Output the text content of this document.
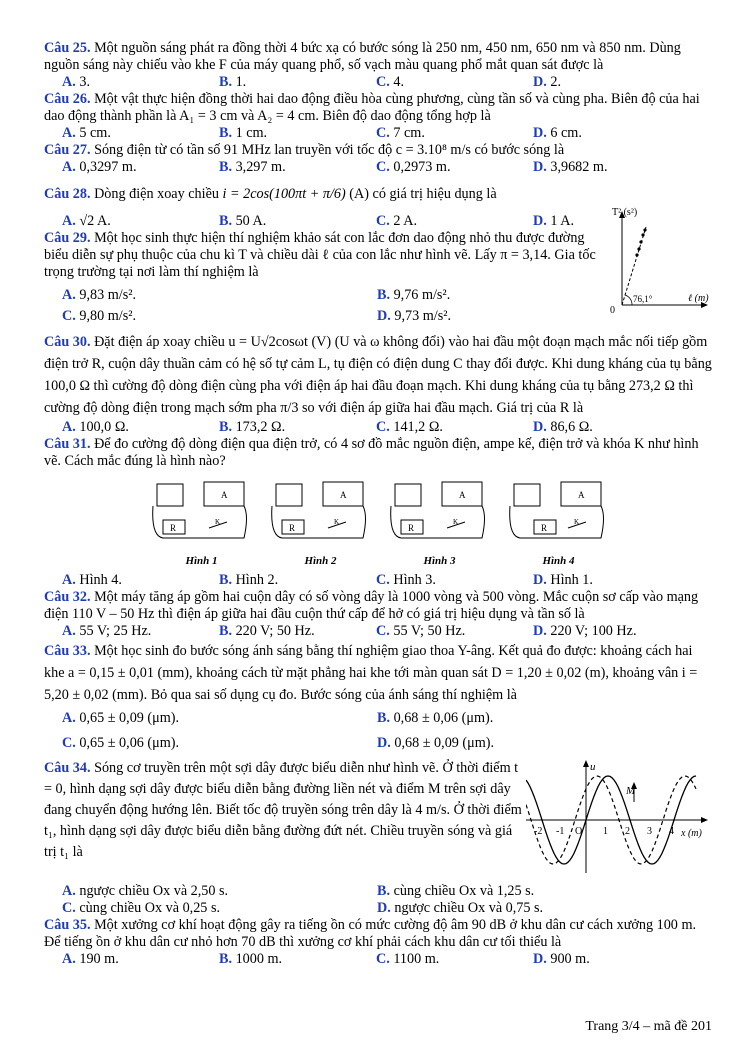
Câu 25. Một nguồn sáng phát ra đồng thời 4 bức xạ có bước sóng là 250 nm, 450 nm, 650 nm và 850 nm. Dùng nguồn sáng này chiếu vào khe F của máy quang phổ, số vạch màu quang phổ mắt quan sát được là

A. 3.	B. 1.	C. 4.	D. 2.

Câu 26. Một vật thực hiện đồng thời hai dao động điều hòa cùng phương, cùng tần số và cùng pha. Biên độ của hai dao động thành phần là A₁ = 3 cm và A₂ = 4 cm. Biên độ dao động tổng hợp là

A. 5 cm.	B. 1 cm.	C. 7 cm.	D. 6 cm.

Câu 27. Sóng điện từ có tần số 91 MHz lan truyền với tốc độ c = 3.10⁸ m/s có bước sóng là

A. 0,3297 m.	B. 3,297 m.	C. 0,2973 m.	D. 3,9682 m.

Câu 28. Dòng điện xoay chiều i = 2cos(100πt + π/6) (A) có giá trị hiệu dụng là

A. √2 A.	B. 50 A.	C. 2 A.	D. 1 A.

Câu 29. Một học sinh thực hiện thí nghiệm khảo sát con lắc đơn dao động nhỏ thu được đường biểu diễn sự phụ thuộc của chu kì T và chiều dài ℓ của con lắc như hình vẽ. Lấy π = 3,14. Gia tốc trọng trường tại nơi làm thí nghiệm là

A. 9,83 m/s².	B. 9,76 m/s².
C. 9,80 m/s².	D. 9,73 m/s².
T² (s²)
0
76,1°	ℓ (m)

Câu 30. Đặt điện áp xoay chiều u = U√2cosωt (V) (U và ω không đổi) vào hai đầu một đoạn mạch mắc nối tiếp gồm điện trở R, cuộn dây thuần cảm có hệ số tự cảm L, tụ điện có điện dung C thay đổi được. Khi dung kháng của tụ bằng 100,0 Ω thì cường độ dòng điện cùng pha với điện áp hai đầu đoạn mạch. Khi dung kháng của tụ bằng 273,2 Ω thì cường độ dòng điện trong mạch sớm pha π/3 so với điện áp giữa hai đầu mạch. Giá trị của R là

A. 100,0 Ω.	B. 173,2 Ω.	C. 141,2 Ω.	D. 86,6 Ω.

Câu 31. Để đo cường độ dòng điện qua điện trở, có 4 sơ đồ mắc nguồn điện, ampe kế, điện trở và khóa K như hình vẽ. Cách mắc đúng là hình nào?

A
R
K
Hình 1
A
R
K
Hình 2
A
R
K
Hình 3
A
R
K
Hình 4
A. Hình 4.	B. Hình 2.	C. Hình 3.	D. Hình 1.

Câu 32. Một máy tăng áp gồm hai cuộn dây có số vòng dây là 1000 vòng và 500 vòng. Mắc cuộn sơ cấp vào mạng điện 110 V – 50 Hz thì điện áp giữa hai đầu cuộn thứ cấp để hở có giá trị hiệu dụng và tần số là

A. 55 V; 25 Hz.	B. 220 V; 50 Hz.	C. 55 V; 50 Hz.	D. 220 V; 100 Hz.

Câu 33. Một học sinh đo bước sóng ánh sáng bằng thí nghiệm giao thoa Y-âng. Kết quả đo được: khoảng cách hai khe a = 0,15 ± 0,01 (mm), khoảng cách từ mặt phẳng hai khe tới màn quan sát D = 1,20 ± 0,02 (m), khoảng vân i = 5,20 ± 0,02 (mm). Bỏ qua sai số dụng cụ đo. Bước sóng của ánh sáng thí nghiệm là

A. 0,65 ± 0,09 (μm).	B. 0,68 ± 0,06 (μm).
C. 0,65 ± 0,06 (μm).	D. 0,68 ± 0,09 (μm).

Câu 34. Sóng cơ truyền trên một sợi dây được biểu diễn như hình vẽ. Ở thời điểm t = 0, hình dạng sợi dây được biểu diễn bằng đường liền nét và điểm M trên sợi dây đang chuyển động hướng lên. Biết tốc độ truyền sóng trên dây là 4 m/s. Ở thời điểm t₁, hình dạng sợi dây được biểu diễn bằng đường đứt nét. Chiều truyền sóng và giá trị t₁ là

u
M
x (m)
-2 -1 O 1 2 3 4
A. ngược chiều Ox và 2,50 s.	B. cùng chiều Ox và 1,25 s.
C. cùng chiều Ox và 0,25 s.	D. ngược chiều Ox và 0,75 s.

Câu 35. Một xưởng cơ khí hoạt động gây ra tiếng ồn có mức cường độ âm 90 dB ở khu dân cư cách xưởng 100 m. Để tiếng ồn ở khu dân cư nhỏ hơn 70 dB thì xưởng cơ khí phải cách khu dân cư tối thiểu là

A. 190 m.	B. 1000 m.	C. 1100 m.	D. 900 m.
Trang 3/4 – mã đề 201
